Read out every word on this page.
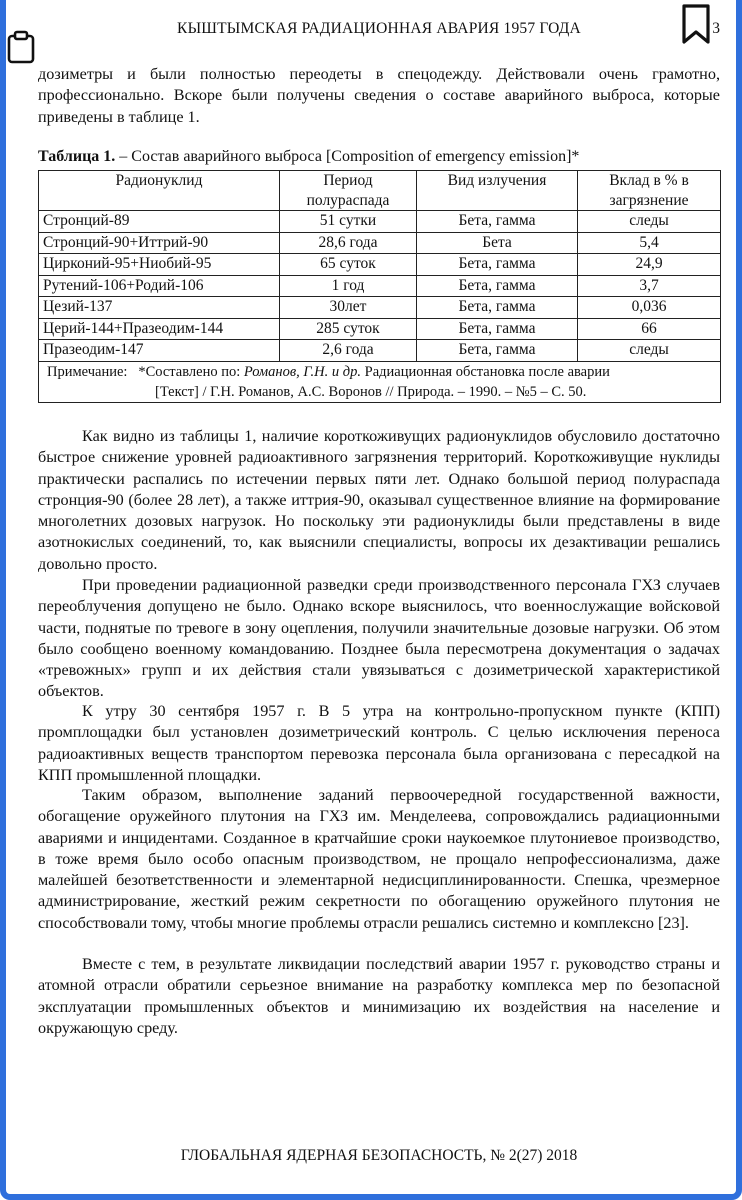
КЫШТЫМСКАЯ РАДИАЦИОННАЯ АВАРИЯ 1957 ГОДА	3
дозиметры и были полностью переодеты в спецодежду. Действовали очень грамотно, профессионально. Вскоре были получены сведения о составе аварийного выброса, которые приведены в таблице 1.
Таблица 1. – Состав аварийного выброса [Composition of emergency emission]*
Радионуклид	Период полураспада	Вид излучения	Вклад в % в загрязнение
Стронций-89	51 сутки	Бета, гамма	следы
Стронций-90+Иттрий-90	28,6 года	Бета	5,4
Цирконий-95+Ниобий-95	65 суток	Бета, гамма	24,9
Рутений-106+Родий-106	1 год	Бета, гамма	3,7
Цезий-137	30лет	Бета, гамма	0,036
Церий-144+Празеодим-144	285 суток	Бета, гамма	66
Празеодим-147	2,6 года	Бета, гамма	следы
Примечание: *Составлено по: Романов, Г.Н. и др. Радиационная обстановка после аварии
[Текст] / Г.Н. Романов, А.С. Воронов // Природа. – 1990. – №5 – С. 50.			
Как видно из таблицы 1, наличие короткоживущих радионуклидов обусловило достаточно быстрое снижение уровней радиоактивного загрязнения территорий. Короткоживущие нуклиды практически распались по истечении первых пяти лет. Однако большой период полураспада стронция-90 (более 28 лет), а также иттрия-90, оказывал существенное влияние на формирование многолетних дозовых нагрузок. Но поскольку эти радионуклиды были представлены в виде азотнокислых соединений, то, как выяснили специалисты, вопросы их дезактивации решались довольно просто.
При проведении радиационной разведки среди производственного персонала ГХЗ случаев переоблучения допущено не было. Однако вскоре выяснилось, что военнослужащие войсковой части, поднятые по тревоге в зону оцепления, получили значительные дозовые нагрузки. Об этом было сообщено военному командованию. Позднее была пересмотрена документация о задачах «тревожных» групп и их действия стали увязываться с дозиметрической характеристикой объектов.
К утру 30 сентября 1957 г. В 5 утра на контрольно-пропускном пункте (КПП) промплощадки был установлен дозиметрический контроль. С целью исключения переноса радиоактивных веществ транспортом перевозка персонала была организована с пересадкой на КПП промышленной площадки.
Таким образом, выполнение заданий первоочередной государственной важности, обогащение оружейного плутония на ГХЗ им. Менделеева, сопровождались радиационными авариями и инцидентами. Созданное в кратчайшие сроки наукоемкое плутониевое производство, в тоже время было особо опасным производством, не прощало непрофессионализма, даже малейшей безответственности и элементарной недисциплинированности. Спешка, чрезмерное администрирование, жесткий режим секретности по обогащению оружейного плутония не способствовали тому, чтобы многие проблемы отрасли решались системно и комплексно [23].
Вместе с тем, в результате ликвидации последствий аварии 1957 г. руководство страны и атомной отрасли обратили серьезное внимание на разработку комплекса мер по безопасной эксплуатации промышленных объектов и минимизацию их воздействия на население и окружающую среду.
ГЛОБАЛЬНАЯ ЯДЕРНАЯ БЕЗОПАСНОСТЬ, № 2(27) 2018
